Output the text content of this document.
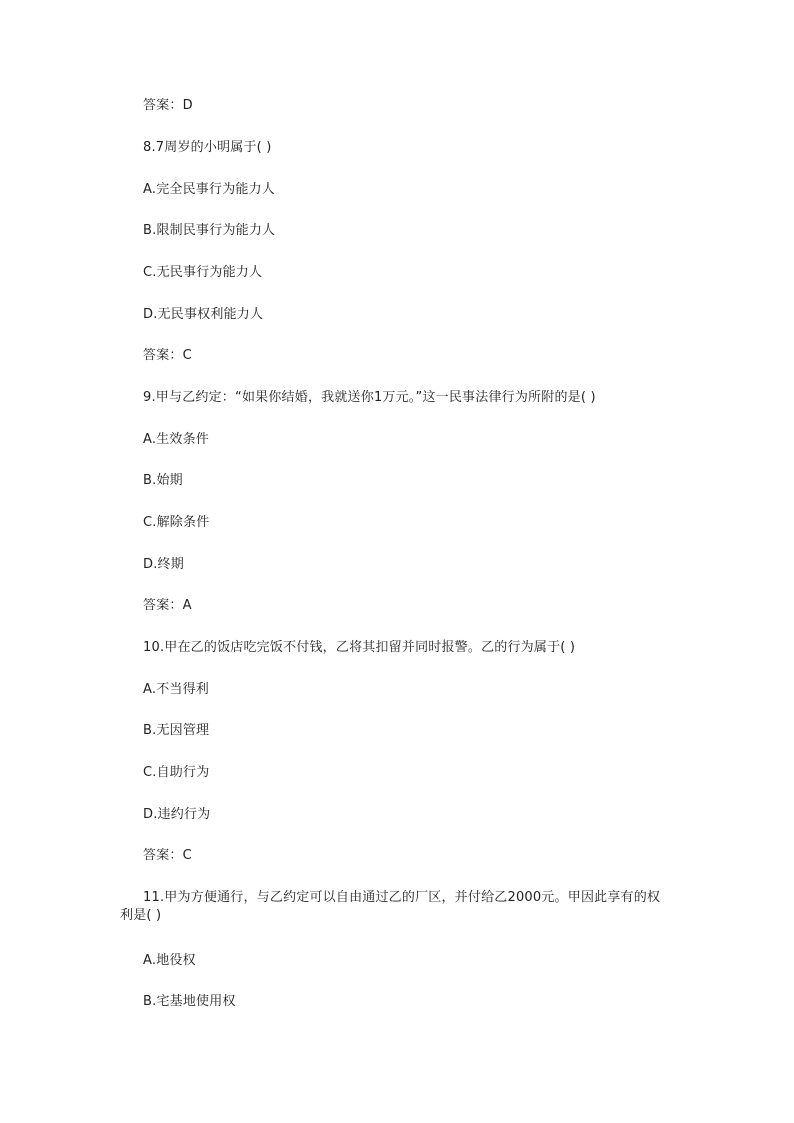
答案：D
8.7周岁的小明属于( )
A.完全民事行为能力人
B.限制民事行为能力人
C.无民事行为能力人
D.无民事权利能力人
答案：C
9.甲与乙约定：“如果你结婚，我就送你1万元。”这一民事法律行为所附的是( )
A.生效条件
B.始期
C.解除条件
D.终期
答案：A
10.甲在乙的饭店吃完饭不付钱，乙将其扣留并同时报警。乙的行为属于( )
A.不当得利
B.无因管理
C.自助行为
D.违约行为
答案：C
11.甲为方便通行，与乙约定可以自由通过乙的厂区，并付给乙2000元。甲因此享有的权利是( )
A.地役权
B.宅基地使用权
